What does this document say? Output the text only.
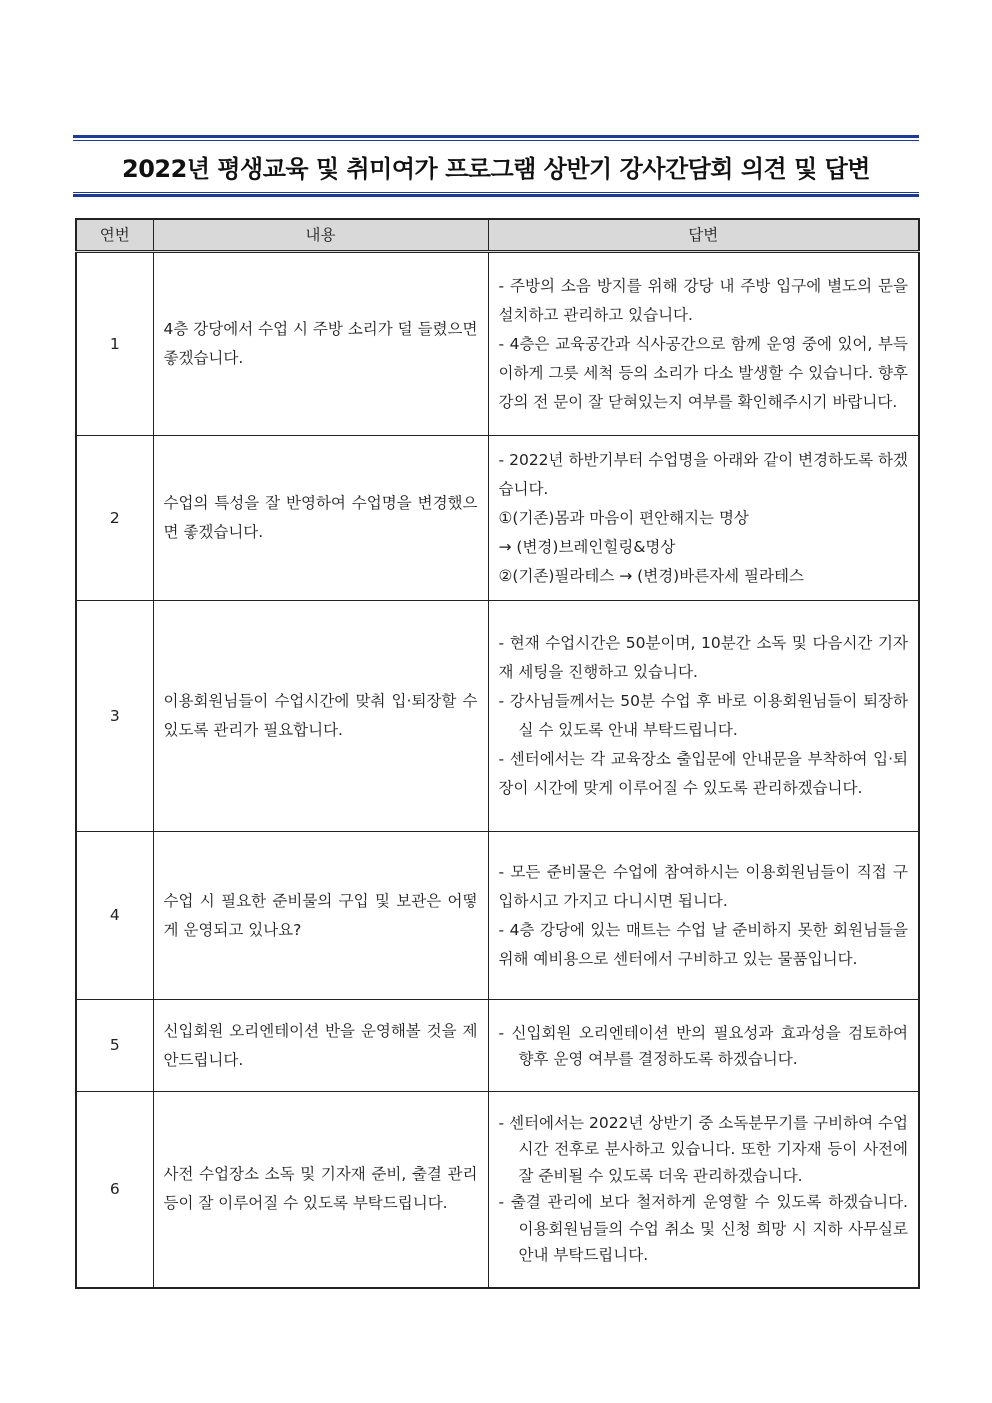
2022년 평생교육 및 취미여가 프로그램 상반기 강사간담회 의견 및 답변
연번	내용	답변
1	4층 강당에서 수업 시 주방 소리가 덜 들렸으면 좋겠습니다.	- 주방의 소음 방지를 위해 강당 내 주방 입구에 별도의 문을 설치하고 관리하고 있습니다.
- 4층은 교육공간과 식사공간으로 함께 운영 중에 있어, 부득이하게 그릇 세척 등의 소리가 다소 발생할 수 있습니다. 향후 강의 전 문이 잘 닫혀있는지 여부를 확인해주시기 바랍니다.

2	수업의 특성을 잘 반영하여 수업명을 변경했으면 좋겠습니다.	- 2022년 하반기부터 수업명을 아래와 같이 변경하도록 하겠습니다.
①(기존)몸과 마음이 편안해지는 명상
→ (변경)브레인힐링&명상
②(기존)필라테스 → (변경)바른자세 필라테스

3	이용회원님들이 수업시간에 맞춰 입·퇴장할 수 있도록 관리가 필요합니다.	- 현재 수업시간은 50분이며, 10분간 소독 및 다음시간 기자재 세팅을 진행하고 있습니다.
- 강사님들께서는 50분 수업 후 바로 이용회원님들이 퇴장하실 수 있도록 안내 부탁드립니다.
- 센터에서는 각 교육장소 출입문에 안내문을 부착하여 입·퇴장이 시간에 맞게 이루어질 수 있도록 관리하겠습니다.

4	수업 시 필요한 준비물의 구입 및 보관은 어떻게 운영되고 있나요?	- 모든 준비물은 수업에 참여하시는 이용회원님들이 직접 구입하시고 가지고 다니시면 됩니다.
- 4층 강당에 있는 매트는 수업 날 준비하지 못한 회원님들을 위해 예비용으로 센터에서 구비하고 있는 물품입니다.

5	신입회원 오리엔테이션 반을 운영해볼 것을 제안드립니다.	- 신입회원 오리엔테이션 반의 필요성과 효과성을 검토하여 향후 운영 여부를 결정하도록 하겠습니다.

6	사전 수업장소 소독 및 기자재 준비, 출결 관리 등이 잘 이루어질 수 있도록 부탁드립니다.	- 센터에서는 2022년 상반기 중 소독분무기를 구비하여 수업시간 전후로 분사하고 있습니다. 또한 기자재 등이 사전에 잘 준비될 수 있도록 더욱 관리하겠습니다.
- 출결 관리에 보다 철저하게 운영할 수 있도록 하겠습니다. 이용회원님들의 수업 취소 및 신청 희망 시 지하 사무실로 안내 부탁드립니다.
